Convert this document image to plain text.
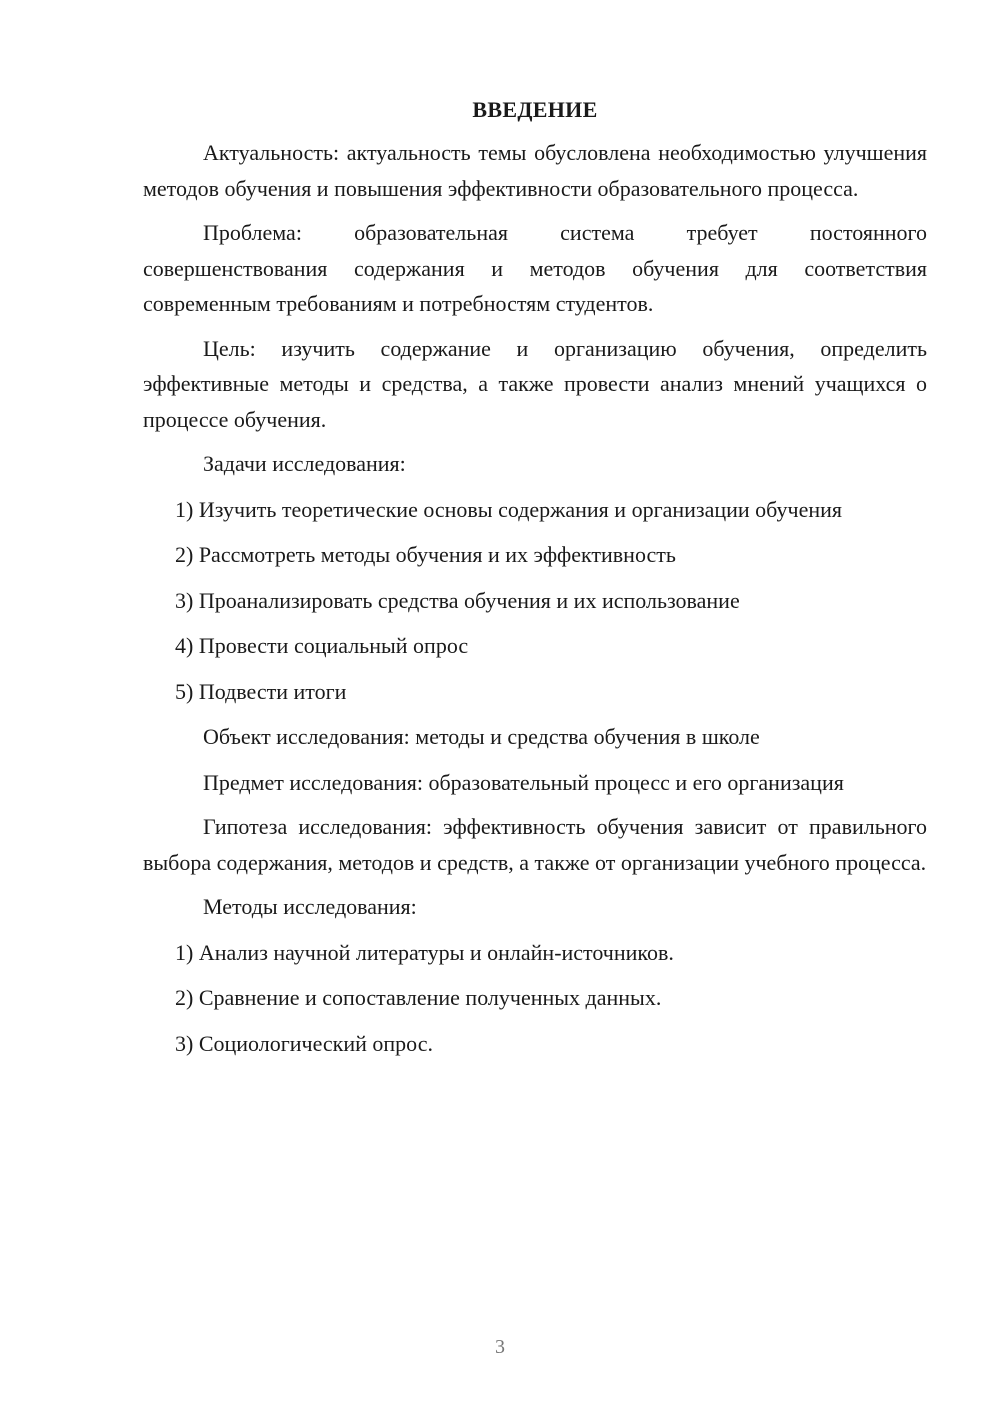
ВВЕДЕНИЕ

Актуальность: актуальность темы обусловлена необходимостью улучшения методов обучения и повышения эффективности образовательного процесса.

Проблема: образовательная система требует постоянного совершенствования содержания и методов обучения для соответствия современным требованиям и потребностям студентов.

Цель: изучить содержание и организацию обучения, определить эффективные методы и средства, а также провести анализ мнений учащихся о процессе обучения.

Задачи исследования:

1) Изучить теоретические основы содержания и организации обучения

2) Рассмотреть методы обучения и их эффективность

3) Проанализировать средства обучения и их использование

4) Провести социальный опрос

5) Подвести итоги

Объект исследования: методы и средства обучения в школе

Предмет исследования: образовательный процесс и его организация

Гипотеза исследования: эффективность обучения зависит от правильного выбора содержания, методов и средств, а также от организации учебного процесса.

Методы исследования:

1) Анализ научной литературы и онлайн-источников.

2) Сравнение и сопоставление полученных данных.

3) Социологический опрос.

3
